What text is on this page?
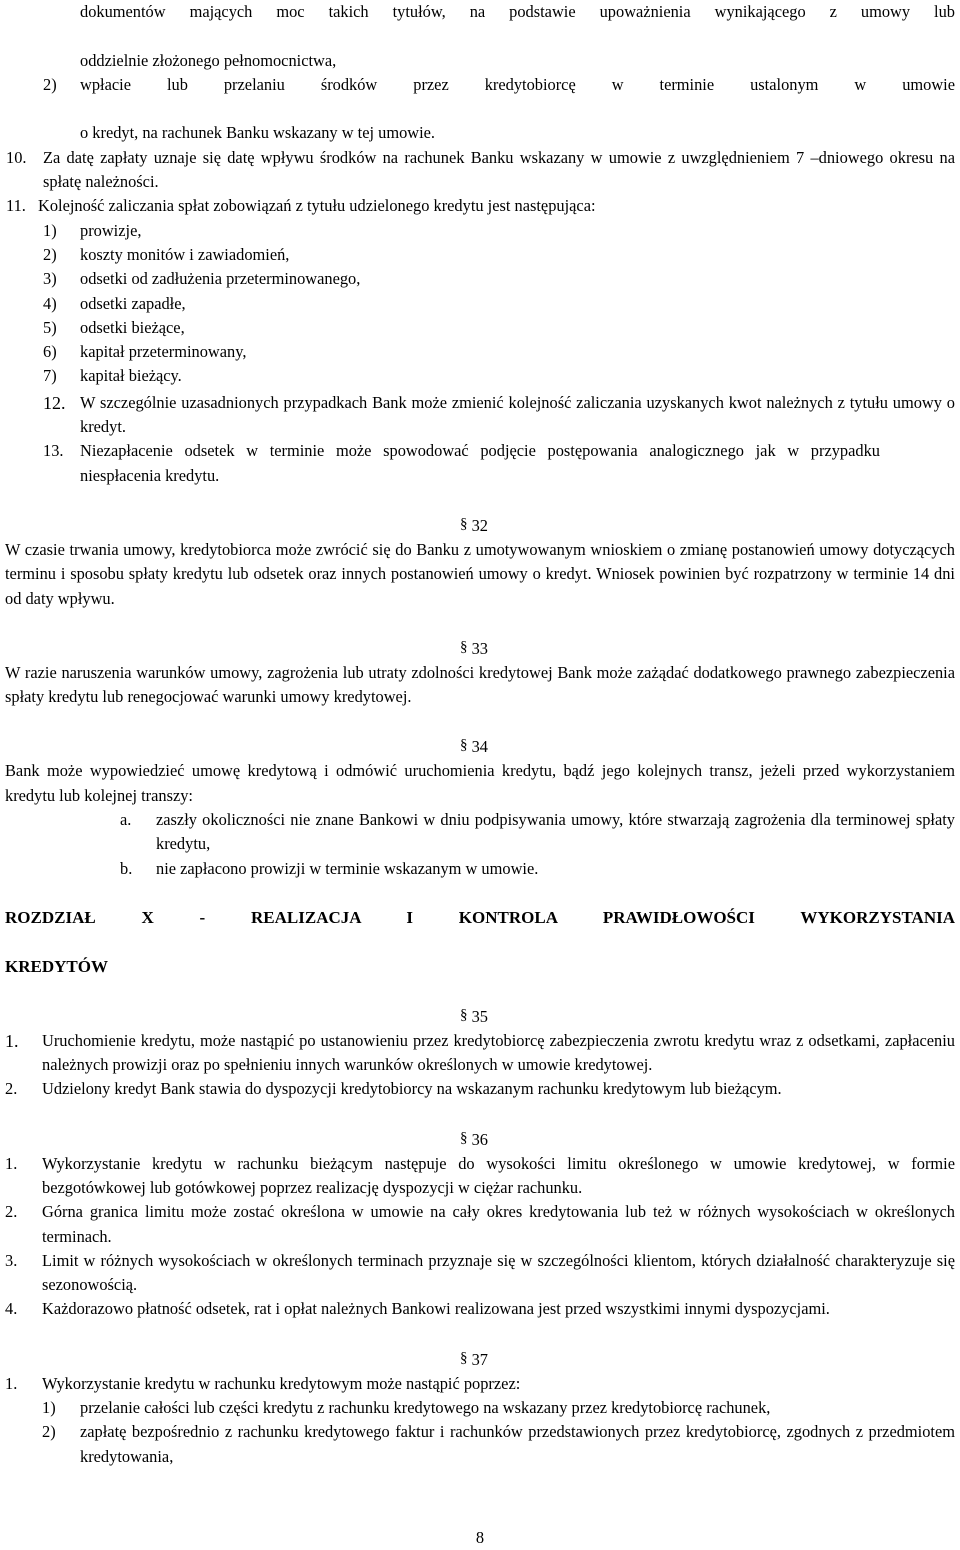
dokumentów mających moc takich tytułów, na podstawie upoważnienia wynikającego z umowy lub

oddzielnie złożonego pełnomocnictwa,

2)	wpłacie lub przelaniu środków przez kredytobiorcę w terminie ustalonym w umowie

o kredyt, na rachunek Banku wskazany w tej umowie.

10.	Za datę zapłaty uznaje się datę wpływu środków na rachunek Banku wskazany w umowie z uwzględnieniem 7 –dniowego okresu na spłatę należności.

11. Kolejność zaliczania spłat zobowiązań z tytułu udzielonego kredytu jest następująca:

1)	prowizje,
2)	koszty monitów i zawiadomień,
3)	odsetki od zadłużenia przeterminowanego,
4)	odsetki zapadłe,
5)	odsetki bieżące,
6)	kapitał przeterminowany,
7)	kapitał bieżący.
12. W szczególnie uzasadnionych przypadkach Bank może zmienić kolejność zaliczania uzyskanych kwot należnych z tytułu umowy o kredyt.

13.	Niezapłacenie odsetek w terminie może spowodować podjęcie postępowania analogicznego jak w przypadku niespłacenia kredytu.

§ 32

W czasie trwania umowy, kredytobiorca może zwrócić się do Banku z umotywowanym wnioskiem o zmianę postanowień umowy dotyczących terminu i sposobu spłaty kredytu lub odsetek oraz innych postanowień umowy o kredyt. Wniosek powinien być rozpatrzony w terminie 14 dni od daty wpływu.

§ 33

W razie naruszenia warunków umowy, zagrożenia lub utraty zdolności kredytowej Bank może zażądać dodatkowego prawnego zabezpieczenia spłaty kredytu lub renegocjować warunki umowy kredytowej.

§ 34

Bank może wypowiedzieć umowę kredytową i odmówić uruchomienia kredytu, bądź jego kolejnych transz, jeżeli przed wykorzystaniem kredytu lub kolejnej transzy:

a.	zaszły okoliczności nie znane Bankowi w dniu podpisywania umowy, które stwarzają zagrożenia dla terminowej spłaty kredytu,

b.	nie zapłacono prowizji w terminie wskazanym w umowie.

ROZDZIAŁ X - REALIZACJA I KONTROLA PRAWIDŁOWOŚCI WYKORZYSTANIA

KREDYTÓW

§ 35
1.	Uruchomienie kredytu, może nastąpić po ustanowieniu przez kredytobiorcę zabezpieczenia zwrotu kredytu wraz z odsetkami, zapłaceniu należnych prowizji oraz po spełnieniu innych warunków określonych w umowie kredytowej.

2.	Udzielony kredyt Bank stawia do dyspozycji kredytobiorcy na wskazanym rachunku kredytowym lub bieżącym.

§ 36
1.	Wykorzystanie kredytu w rachunku bieżącym następuje do wysokości limitu określonego w umowie kredytowej, w formie bezgotówkowej lub gotówkowej poprzez realizację dyspozycji w ciężar rachunku.

2.	Górna granica limitu może zostać określona w umowie na cały okres kredytowania lub też w różnych wysokościach w określonych terminach.

3.	Limit w różnych wysokościach w określonych terminach przyznaje się w szczególności klientom, których działalność charakteryzuje się sezonowością.

4.	Każdorazowo płatność odsetek, rat i opłat należnych Bankowi realizowana jest przed wszystkimi innymi dyspozycjami.

§ 37
1.	Wykorzystanie kredytu w rachunku kredytowym może nastąpić poprzez:

1)	przelanie całości lub części kredytu z rachunku kredytowego na wskazany przez kredytobiorcę rachunek,

2)	zapłatę bezpośrednio z rachunku kredytowego faktur i rachunków przedstawionych przez kredytobiorcę, zgodnych z przedmiotem kredytowania,

8
